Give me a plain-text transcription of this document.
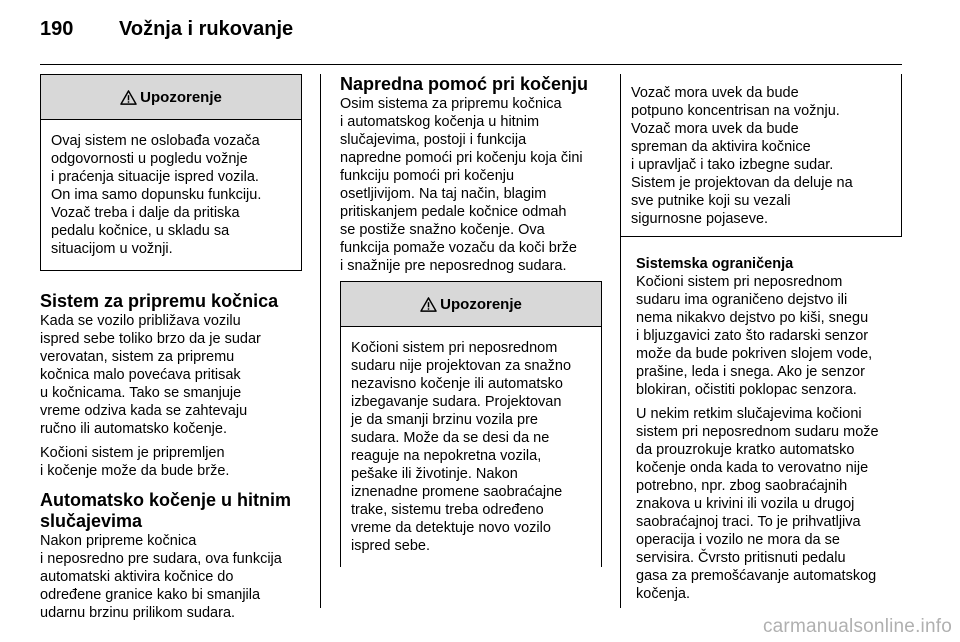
190 Vožnja i rukovanje
Upozorenje
Ovaj sistem ne oslobađa vozača
odgovornosti u pogledu vožnje
i praćenja situacije ispred vozila.
On ima samo dopunsku funkciju.
Vozač treba i dalje da pritiska
pedalu kočnice, u skladu sa
situacijom u vožnji.
Sistem za pripremu kočnica
Kada se vozilo približava vozilu
ispred sebe toliko brzo da je sudar
verovatan, sistem za pripremu
kočnica malo povećava pritisak
u kočnicama. Tako se smanjuje
vreme odziva kada se zahtevaju
ručno ili automatsko kočenje.
Kočioni sistem je pripremljen
i kočenje može da bude brže.
Automatsko kočenje u hitnim
slučajevima
Nakon pripreme kočnica
i neposredno pre sudara, ova funkcija
automatski aktivira kočnice do
određene granice kako bi smanjila
udarnu brzinu prilikom sudara.
Napredna pomoć pri kočenju
Osim sistema za pripremu kočnica
i automatskog kočenja u hitnim
slučajevima, postoji i funkcija
napredne pomoći pri kočenju koja čini
funkciju pomoći pri kočenju
osetljivijom. Na taj način, blagim
pritiskanjem pedale kočnice odmah
se postiže snažno kočenje. Ova
funkcija pomaže vozaču da koči brže
i snažnije pre neposrednog sudara.
Upozorenje
Kočioni sistem pri neposrednom
sudaru nije projektovan za snažno
nezavisno kočenje ili automatsko
izbegavanje sudara. Projektovan
je da smanji brzinu vozila pre
sudara. Može da se desi da ne
reaguje na nepokretna vozila,
pešake ili životinje. Nakon
iznenadne promene saobraćajne
trake, sistemu treba određeno
vreme da detektuje novo vozilo
ispred sebe.
Vozač mora uvek da bude
potpuno koncentrisan na vožnju.
Vozač mora uvek da bude
spreman da aktivira kočnice
i upravljač i tako izbegne sudar.
Sistem je projektovan da deluje na
sve putnike koji su vezali
sigurnosne pojaseve.
Sistemska ograničenja
Kočioni sistem pri neposrednom
sudaru ima ograničeno dejstvo ili
nema nikakvo dejstvo po kiši, snegu
i bljuzgavici zato što radarski senzor
može da bude pokriven slojem vode,
prašine, leda i snega. Ako je senzor
blokiran, očistiti poklopac senzora.
U nekim retkim slučajevima kočioni
sistem pri neposrednom sudaru može
da prouzrokuje kratko automatsko
kočenje onda kada to verovatno nije
potrebno, npr. zbog saobraćajnih
znakova u krivini ili vozila u drugoj
saobraćajnoj traci. To je prihvatljiva
operacija i vozilo ne mora da se
servisira. Čvrsto pritisnuti pedalu
gasa za premošćavanje automatskog
kočenja.
carmanualsonline.info
